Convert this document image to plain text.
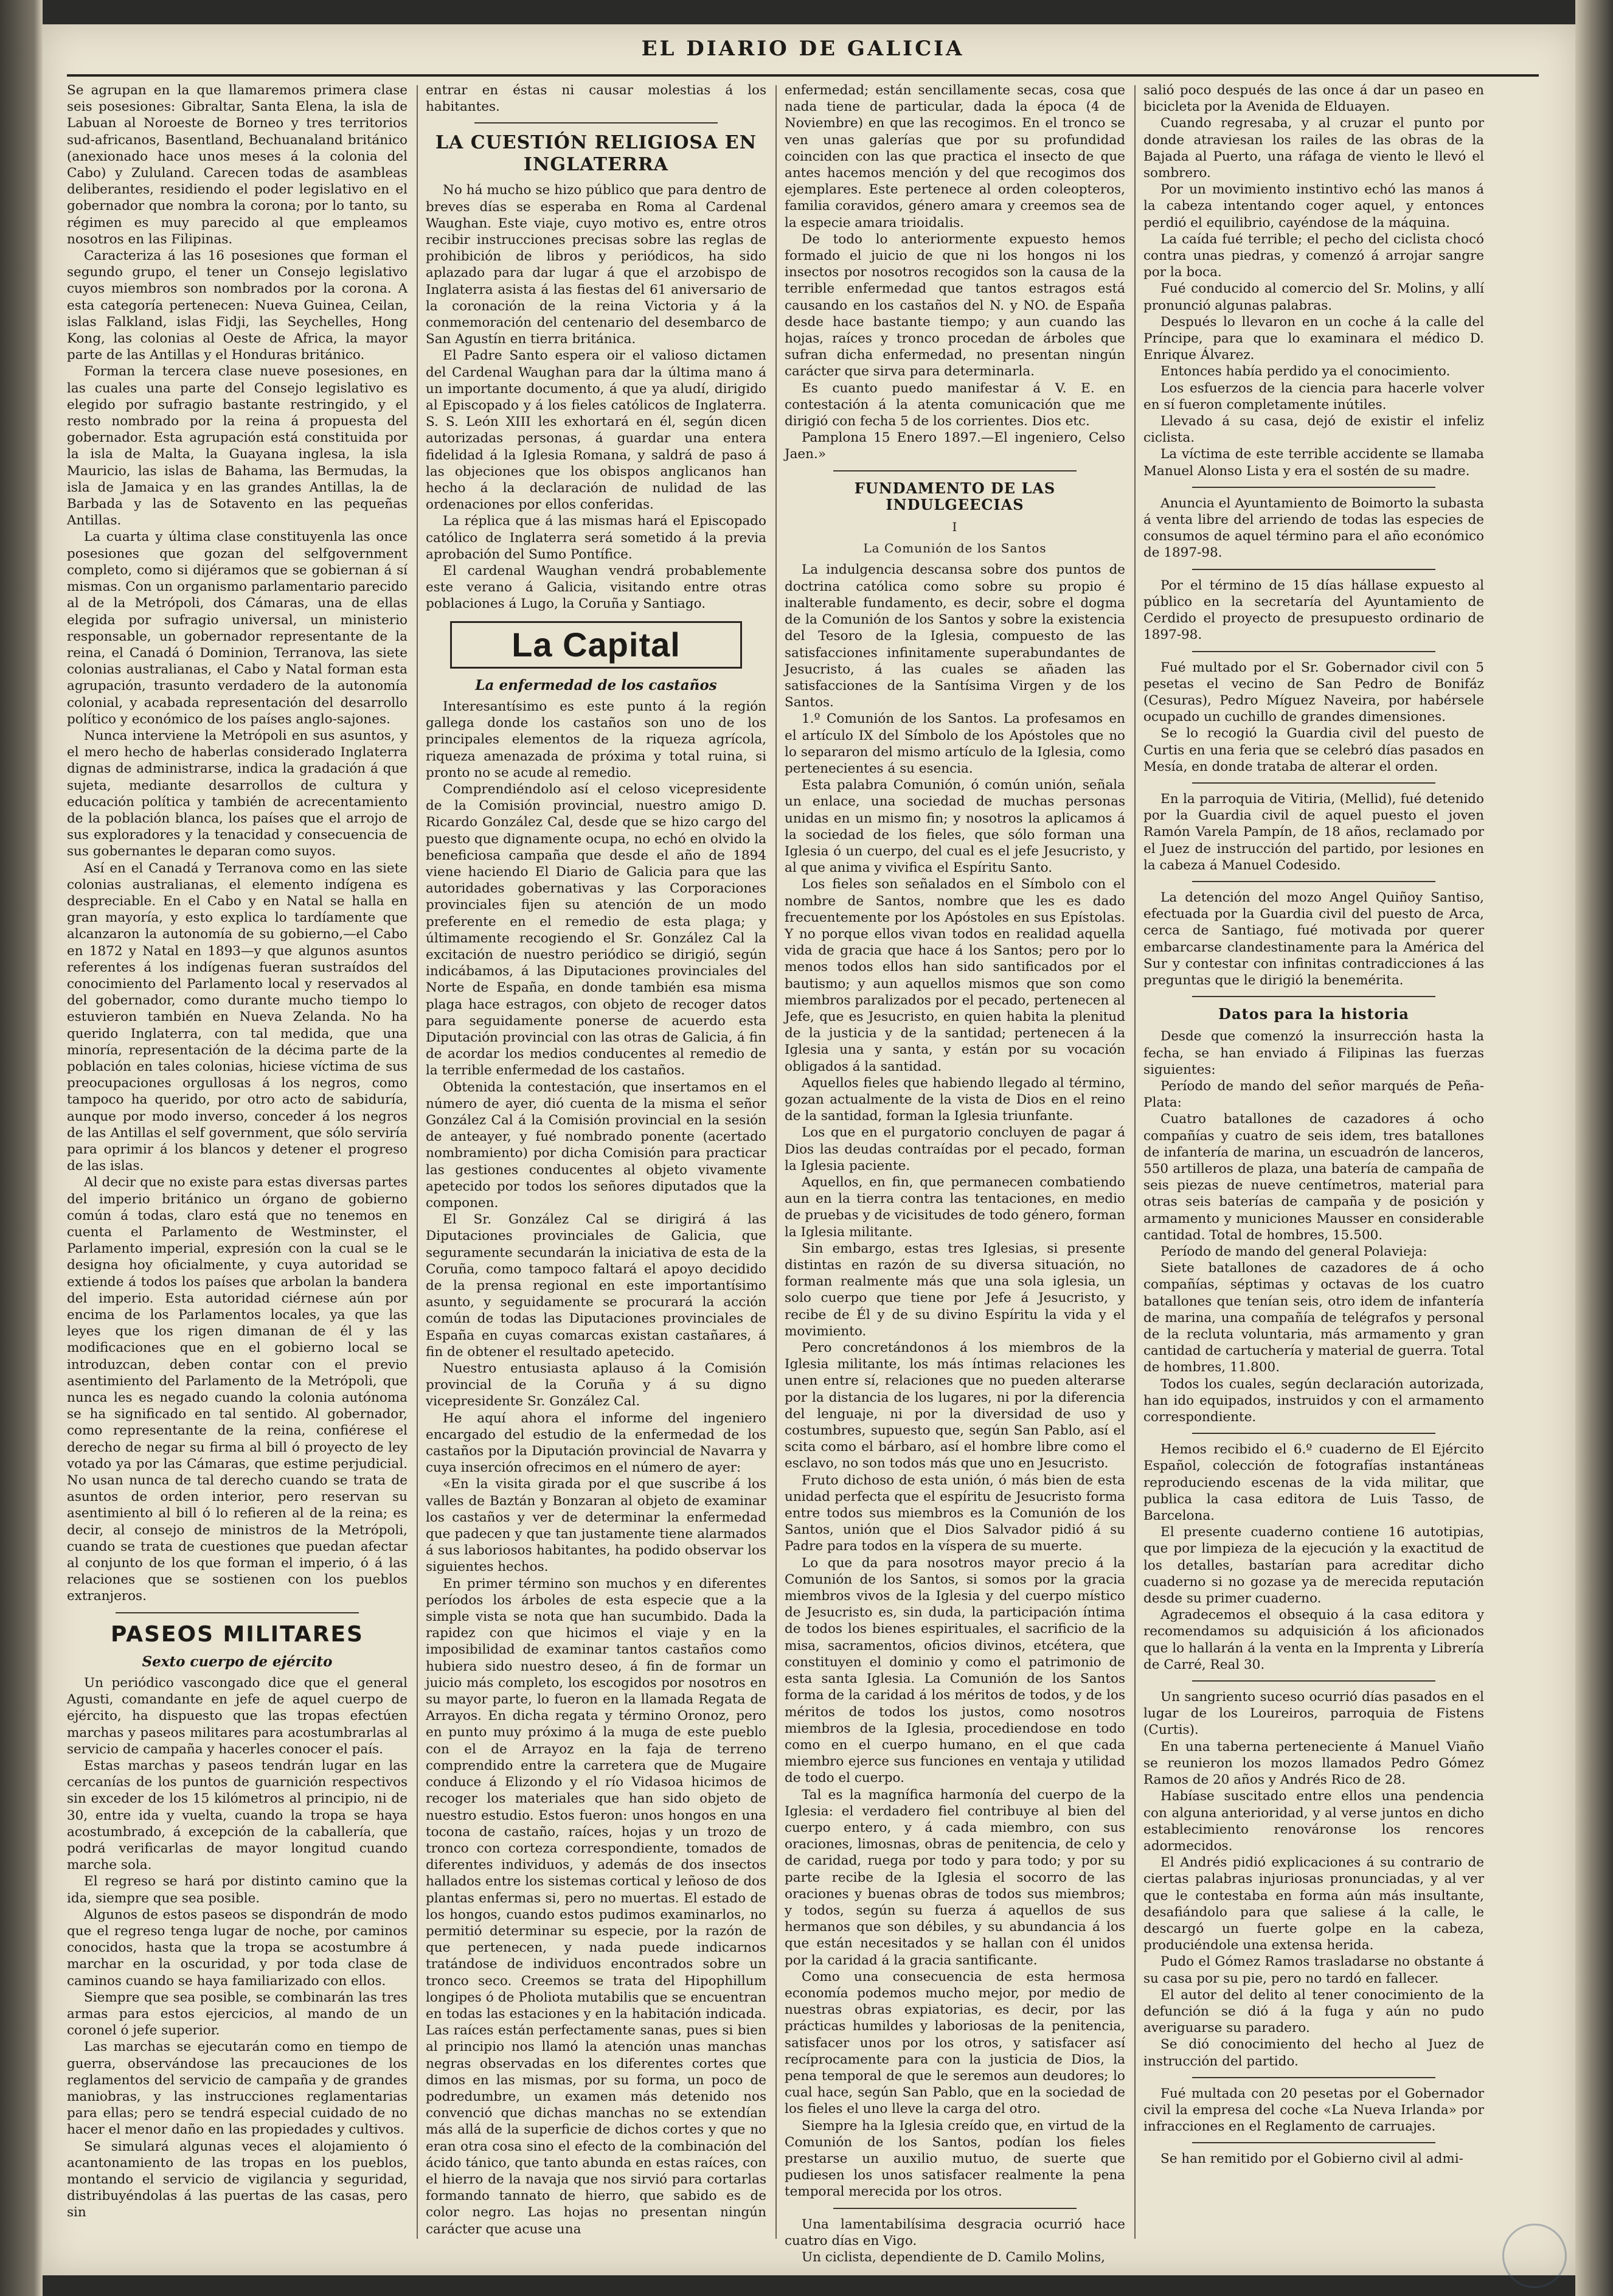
EL DIARIO DE GALICIA

Se agrupan en la que llamaremos primera clase seis posesiones: Gibraltar, Santa Elena, la isla de Labuan al Noroeste de Borneo y tres territorios sud-africanos, Basentland, Bechuanaland británico (anexionado hace unos meses á la colonia del Cabo) y Zululand. Carecen todas de asambleas deliberantes, residiendo el poder legislativo en el gobernador que nombra la corona; por lo tanto, su régimen es muy parecido al que empleamos nosotros en las Filipinas.

Caracteriza á las 16 posesiones que forman el segundo grupo, el tener un Consejo legislativo cuyos miembros son nombrados por la corona. A esta categoría pertenecen: Nueva Guinea, Ceilan, islas Falkland, islas Fidji, las Seychelles, Hong Kong, las colonias al Oeste de Africa, la mayor parte de las Antillas y el Honduras británico.

Forman la tercera clase nueve posesiones, en las cuales una parte del Consejo legislativo es elegido por sufragio bastante restringido, y el resto nombrado por la reina á propuesta del gobernador. Esta agrupación está constituida por la isla de Malta, la Guayana inglesa, la isla Mauricio, las islas de Bahama, las Bermudas, la isla de Jamaica y en las grandes Antillas, la de Barbada y las de Sotavento en las pequeñas Antillas.

La cuarta y última clase constituyenla las once posesiones que gozan del selfgovernment completo, como si dijéramos que se gobiernan á sí mismas. Con un organismo parlamentario parecido al de la Metrópoli, dos Cámaras, una de ellas elegida por sufragio universal, un ministerio responsable, un gobernador representante de la reina, el Canadá ó Dominion, Terranova, las siete colonias australianas, el Cabo y Natal forman esta agrupación, trasunto verdadero de la autonomía colonial, y acabada representación del desarrollo político y económico de los países anglo-sajones.

Nunca interviene la Metrópoli en sus asuntos, y el mero hecho de haberlas considerado Inglaterra dignas de administrarse, indica la gradación á que sujeta, mediante desarrollos de cultura y educación política y también de acrecentamiento de la población blanca, los países que el arrojo de sus exploradores y la tenacidad y consecuencia de sus gobernantes le deparan como suyos.

Así en el Canadá y Terranova como en las siete colonias australianas, el elemento indígena es despreciable. En el Cabo y en Natal se halla en gran mayoría, y esto explica lo tardíamente que alcanzaron la autonomía de su gobierno,—el Cabo en 1872 y Natal en 1893—y que algunos asuntos referentes á los indígenas fueran sustraídos del conocimiento del Parlamento local y reservados al del gobernador, como durante mucho tiempo lo estuvieron también en Nueva Zelanda. No ha querido Inglaterra, con tal medida, que una minoría, representación de la décima parte de la población en tales colonias, hiciese víctima de sus preocupaciones orgullosas á los negros, como tampoco ha querido, por otro acto de sabiduría, aunque por modo inverso, conceder á los negros de las Antillas el self government, que sólo serviría para oprimir á los blancos y detener el progreso de las islas.

Al decir que no existe para estas diversas partes del imperio británico un órgano de gobierno común á todas, claro está que no tenemos en cuenta el Parlamento de Westminster, el Parlamento imperial, expresión con la cual se le designa hoy oficialmente, y cuya autoridad se extiende á todos los países que arbolan la bandera del imperio. Esta autoridad ciérnese aún por encima de los Parlamentos locales, ya que las leyes que los rigen dimanan de él y las modificaciones que en el gobierno local se introduzcan, deben contar con el previo asentimiento del Parlamento de la Metrópoli, que nunca les es negado cuando la colonia autónoma se ha significado en tal sentido. Al gobernador, como representante de la reina, confiérese el derecho de negar su firma al bill ó proyecto de ley votado ya por las Cámaras, que estime perjudicial. No usan nunca de tal derecho cuando se trata de asuntos de orden interior, pero reservan su asentimiento al bill ó lo refieren al de la reina; es decir, al consejo de ministros de la Metrópoli, cuando se trata de cuestiones que puedan afectar al conjunto de los que forman el imperio, ó á las relaciones que se sostienen con los pueblos extranjeros.

PASEOS MILITARES
Sexto cuerpo de ejército

Un periódico vascongado dice que el general Agusti, comandante en jefe de aquel cuerpo de ejército, ha dispuesto que las tropas efectúen marchas y paseos militares para acostumbrarlas al servicio de campaña y hacerles conocer el país.

Estas marchas y paseos tendrán lugar en las cercanías de los puntos de guarnición respectivos sin exceder de los 15 kilómetros al principio, ni de 30, entre ida y vuelta, cuando la tropa se haya acostumbrado, á excepción de la caballería, que podrá verificarlas de mayor longitud cuando marche sola.

El regreso se hará por distinto camino que la ida, siempre que sea posible.

Algunos de estos paseos se dispondrán de modo que el regreso tenga lugar de noche, por caminos conocidos, hasta que la tropa se acostumbre á marchar en la oscuridad, y por toda clase de caminos cuando se haya familiarizado con ellos.

Siempre que sea posible, se combinarán las tres armas para estos ejercicios, al mando de un coronel ó jefe superior.

Las marchas se ejecutarán como en tiempo de guerra, observándose las precauciones de los reglamentos del servicio de campaña y de grandes maniobras, y las instrucciones reglamentarias para ellas; pero se tendrá especial cuidado de no hacer el menor daño en las propiedades y cultivos.

Se simulará algunas veces el alojamiento ó acantonamiento de las tropas en los pueblos, montando el servicio de vigilancia y seguridad, distribuyéndolas á las puertas de las casas, pero sin

entrar en éstas ni causar molestias á los habitantes.

LA CUESTIÓN RELIGIOSA EN INGLATERRA

No há mucho se hizo público que para dentro de breves días se esperaba en Roma al Cardenal Waughan. Este viaje, cuyo motivo es, entre otros recibir instrucciones precisas sobre las reglas de prohibición de libros y periódicos, ha sido aplazado para dar lugar á que el arzobispo de Inglaterra asista á las fiestas del 61 aniversario de la coronación de la reina Victoria y á la conmemoración del centenario del desembarco de San Agustín en tierra británica.

El Padre Santo espera oir el valioso dictamen del Cardenal Waughan para dar la última mano á un importante documento, á que ya aludí, dirigido al Episcopado y á los fieles católicos de Inglaterra. S. S. León XIII les exhortará en él, según dicen autorizadas personas, á guardar una entera fidelidad á la Iglesia Romana, y saldrá de paso á las objeciones que los obispos anglicanos han hecho á la declaración de nulidad de las ordenaciones por ellos conferidas.

La réplica que á las mismas hará el Episcopado católico de Inglaterra será sometido á la previa aprobación del Sumo Pontífice.

El cardenal Waughan vendrá probablemente este verano á Galicia, visitando entre otras poblaciones á Lugo, la Coruña y Santiago.

La Capital
La enfermedad de los castaños

Interesantísimo es este punto á la región gallega donde los castaños son uno de los principales elementos de la riqueza agrícola, riqueza amenazada de próxima y total ruina, si pronto no se acude al remedio.

Comprendiéndolo así el celoso vicepresidente de la Comisión provincial, nuestro amigo D. Ricardo González Cal, desde que se hizo cargo del puesto que dignamente ocupa, no echó en olvido la beneficiosa campaña que desde el año de 1894 viene haciendo El Diario de Galicia para que las autoridades gobernativas y las Corporaciones provinciales fijen su atención de un modo preferente en el remedio de esta plaga; y últimamente recogiendo el Sr. González Cal la excitación de nuestro periódico se dirigió, según indicábamos, á las Diputaciones provinciales del Norte de España, en donde también esa misma plaga hace estragos, con objeto de recoger datos para seguidamente ponerse de acuerdo esta Diputación provincial con las otras de Galicia, á fin de acordar los medios conducentes al remedio de la terrible enfermedad de los castaños.

Obtenida la contestación, que insertamos en el número de ayer, dió cuenta de la misma el señor González Cal á la Comisión provincial en la sesión de anteayer, y fué nombrado ponente (acertado nombramiento) por dicha Comisión para practicar las gestiones conducentes al objeto vivamente apetecido por todos los señores diputados que la componen.

El Sr. González Cal se dirigirá á las Diputaciones provinciales de Galicia, que seguramente secundarán la iniciativa de esta de la Coruña, como tampoco faltará el apoyo decidido de la prensa regional en este importantísimo asunto, y seguidamente se procurará la acción común de todas las Diputaciones provinciales de España en cuyas comarcas existan castañares, á fin de obtener el resultado apetecido.

Nuestro entusiasta aplauso á la Comisión provincial de la Coruña y á su digno vicepresidente Sr. González Cal.

He aquí ahora el informe del ingeniero encargado del estudio de la enfermedad de los castaños por la Diputación provincial de Navarra y cuya inserción ofrecimos en el número de ayer:

«En la visita girada por el que suscribe á los valles de Baztán y Bonzaran al objeto de examinar los castaños y ver de determinar la enfermedad que padecen y que tan justamente tiene alarmados á sus laboriosos habitantes, ha podido observar los siguientes hechos.

En primer término son muchos y en diferentes períodos los árboles de esta especie que a la simple vista se nota que han sucumbido. Dada la rapidez con que hicimos el viaje y en la imposibilidad de examinar tantos castaños como hubiera sido nuestro deseo, á fin de formar un juicio más completo, los escogidos por nosotros en su mayor parte, lo fueron en la llamada Regata de Arrayos. En dicha regata y término Oronoz, pero en punto muy próximo á la muga de este pueblo con el de Arrayoz en la faja de terreno comprendido entre la carretera que de Mugaire conduce á Elizondo y el río Vidasoa hicimos de recoger los materiales que han sido objeto de nuestro estudio. Estos fueron: unos hongos en una tocona de castaño, raíces, hojas y un trozo de tronco con corteza correspondiente, tomados de diferentes individuos, y además de dos insectos hallados entre los sistemas cortical y leñoso de dos plantas enfermas si, pero no muertas. El estado de los hongos, cuando estos pudimos examinarlos, no permitió determinar su especie, por la razón de que pertenecen, y nada puede indicarnos tratándose de individuos encontrados sobre un tronco seco. Creemos se trata del Hipophillum longipes ó de Pholiota mutabilis que se encuentran en todas las estaciones y en la habitación indicada. Las raíces están perfectamente sanas, pues si bien al principio nos llamó la atención unas manchas negras observadas en los diferentes cortes que dimos en las mismas, por su forma, un poco de podredumbre, un examen más detenido nos convenció que dichas manchas no se extendían más allá de la superficie de dichos cortes y que no eran otra cosa sino el efecto de la combinación del ácido tánico, que tanto abunda en estas raíces, con el hierro de la navaja que nos sirvió para cortarlas formando tannato de hierro, que sabido es de color negro. Las hojas no presentan ningún carácter que acuse una

enfermedad; están sencillamente secas, cosa que nada tiene de particular, dada la época (4 de Noviembre) en que las recogimos. En el tronco se ven unas galerías que por su profundidad coinciden con las que practica el insecto de que antes hacemos mención y del que recogimos dos ejemplares. Este pertenece al orden coleopteros, familia coravidos, género amara y creemos sea de la especie amara trioidalis.

De todo lo anteriormente expuesto hemos formado el juicio de que ni los hongos ni los insectos por nosotros recogidos son la causa de la terrible enfermedad que tantos estragos está causando en los castaños del N. y NO. de España desde hace bastante tiempo; y aun cuando las hojas, raíces y tronco procedan de árboles que sufran dicha enfermedad, no presentan ningún carácter que sirva para determinarla.

Es cuanto puedo manifestar á V. E. en contestación á la atenta comunicación que me dirigió con fecha 5 de los corrientes. Dios etc.

Pamplona 15 Enero 1897.—El ingeniero, Celso Jaen.»

FUNDAMENTO DE LAS INDULGEECIAS
I
La Comunión de los Santos

La indulgencia descansa sobre dos puntos de doctrina católica como sobre su propio é inalterable fundamento, es decir, sobre el dogma de la Comunión de los Santos y sobre la existencia del Tesoro de la Iglesia, compuesto de las satisfacciones infinitamente superabundantes de Jesucristo, á las cuales se añaden las satisfacciones de la Santísima Virgen y de los Santos.

1.º Comunión de los Santos. La profesamos en el artículo IX del Símbolo de los Apóstoles que no lo separaron del mismo artículo de la Iglesia, como pertenecientes á su esencia.

Esta palabra Comunión, ó común unión, señala un enlace, una sociedad de muchas personas unidas en un mismo fin; y nosotros la aplicamos á la sociedad de los fieles, que sólo forman una Iglesia ó un cuerpo, del cual es el jefe Jesucristo, y al que anima y vivifica el Espíritu Santo.

Los fieles son señalados en el Símbolo con el nombre de Santos, nombre que les es dado frecuentemente por los Apóstoles en sus Epístolas. Y no porque ellos vivan todos en realidad aquella vida de gracia que hace á los Santos; pero por lo menos todos ellos han sido santificados por el bautismo; y aun aquellos mismos que son como miembros paralizados por el pecado, pertenecen al Jefe, que es Jesucristo, en quien habita la plenitud de la justicia y de la santidad; pertenecen á la Iglesia una y santa, y están por su vocación obligados á la santidad.

Aquellos fieles que habiendo llegado al término, gozan actualmente de la vista de Dios en el reino de la santidad, forman la Iglesia triunfante.

Los que en el purgatorio concluyen de pagar á Dios las deudas contraídas por el pecado, forman la Iglesia paciente.

Aquellos, en fin, que permanecen combatiendo aun en la tierra contra las tentaciones, en medio de pruebas y de vicisitudes de todo género, forman la Iglesia militante.

Sin embargo, estas tres Iglesias, si presente distintas en razón de su diversa situación, no forman realmente más que una sola iglesia, un solo cuerpo que tiene por Jefe á Jesucristo, y recibe de Él y de su divino Espíritu la vida y el movimiento.

Pero concretándonos á los miembros de la Iglesia militante, los más íntimas relaciones les unen entre sí, relaciones que no pueden alterarse por la distancia de los lugares, ni por la diferencia del lenguaje, ni por la diversidad de uso y costumbres, supuesto que, según San Pablo, así el scita como el bárbaro, así el hombre libre como el esclavo, no son todos más que uno en Jesucristo.

Fruto dichoso de esta unión, ó más bien de esta unidad perfecta que el espíritu de Jesucristo forma entre todos sus miembros es la Comunión de los Santos, unión que el Dios Salvador pidió á su Padre para todos en la víspera de su muerte.

Lo que da para nosotros mayor precio á la Comunión de los Santos, si somos por la gracia miembros vivos de la Iglesia y del cuerpo místico de Jesucristo es, sin duda, la participación íntima de todos los bienes espirituales, el sacrificio de la misa, sacramentos, oficios divinos, etcétera, que constituyen el dominio y como el patrimonio de esta santa Iglesia. La Comunión de los Santos forma de la caridad á los méritos de todos, y de los méritos de todos los justos, como nosotros miembros de la Iglesia, procediendose en todo como en el cuerpo humano, en el que cada miembro ejerce sus funciones en ventaja y utilidad de todo el cuerpo.

Tal es la magnífica harmonía del cuerpo de la Iglesia: el verdadero fiel contribuye al bien del cuerpo entero, y á cada miembro, con sus oraciones, limosnas, obras de penitencia, de celo y de caridad, ruega por todo y para todo; y por su parte recibe de la Iglesia el socorro de las oraciones y buenas obras de todos sus miembros; y todos, según su fuerza á aquellos de sus hermanos que son débiles, y su abundancia á los que están necesitados y se hallan con él unidos por la caridad á la gracia santificante.

Como una consecuencia de esta hermosa economía podemos mucho mejor, por medio de nuestras obras expiatorias, es decir, por las prácticas humildes y laboriosas de la penitencia, satisfacer unos por los otros, y satisfacer así recíprocamente para con la justicia de Dios, la pena temporal de que le seremos aun deudores; lo cual hace, según San Pablo, que en la sociedad de los fieles el uno lleve la carga del otro.

Siempre ha la Iglesia creído que, en virtud de la Comunión de los Santos, podían los fieles prestarse un auxilio mutuo, de suerte que pudiesen los unos satisfacer realmente la pena temporal merecida por los otros.

Una lamentabilísima desgracia ocurrió hace cuatro días en Vigo.

Un ciclista, dependiente de D. Camilo Molins,

salió poco después de las once á dar un paseo en bicicleta por la Avenida de Elduayen.

Cuando regresaba, y al cruzar el punto por donde atraviesan los railes de las obras de la Bajada al Puerto, una ráfaga de viento le llevó el sombrero.

Por un movimiento instintivo echó las manos á la cabeza intentando coger aquel, y entonces perdió el equilibrio, cayéndose de la máquina.

La caída fué terrible; el pecho del ciclista chocó contra unas piedras, y comenzó á arrojar sangre por la boca.

Fué conducido al comercio del Sr. Molins, y allí pronunció algunas palabras.

Después lo llevaron en un coche á la calle del Príncipe, para que lo examinara el médico D. Enrique Álvarez.

Entonces había perdido ya el conocimiento.

Los esfuerzos de la ciencia para hacerle volver en sí fueron completamente inútiles.

Llevado á su casa, dejó de existir el infeliz ciclista.

La víctima de este terrible accidente se llamaba Manuel Alonso Lista y era el sostén de su madre.

Anuncia el Ayuntamiento de Boimorto la subasta á venta libre del arriendo de todas las especies de consumos de aquel término para el año económico de 1897-98.

Por el término de 15 días hállase expuesto al público en la secretaría del Ayuntamiento de Cerdido el proyecto de presupuesto ordinario de 1897-98.

Fué multado por el Sr. Gobernador civil con 5 pesetas el vecino de San Pedro de Bonifáz (Cesuras), Pedro Míguez Naveira, por habérsele ocupado un cuchillo de grandes dimensiones.

Se lo recogió la Guardia civil del puesto de Curtis en una feria que se celebró días pasados en Mesía, en donde trataba de alterar el orden.

En la parroquia de Vitiria, (Mellid), fué detenido por la Guardia civil de aquel puesto el joven Ramón Varela Pampín, de 18 años, reclamado por el Juez de instrucción del partido, por lesiones en la cabeza á Manuel Codesido.

La detención del mozo Angel Quiñoy Santiso, efectuada por la Guardia civil del puesto de Arca, cerca de Santiago, fué motivada por querer embarcarse clandestinamente para la América del Sur y contestar con infinitas contradicciones á las preguntas que le dirigió la benemérita.

Datos para la historia

Desde que comenzó la insurrección hasta la fecha, se han enviado á Filipinas las fuerzas siguientes:

Período de mando del señor marqués de Peña-Plata:

Cuatro batallones de cazadores á ocho compañías y cuatro de seis idem, tres batallones de infantería de marina, un escuadrón de lanceros, 550 artilleros de plaza, una batería de campaña de seis piezas de nueve centímetros, material para otras seis baterías de campaña y de posición y armamento y municiones Mausser en considerable cantidad. Total de hombres, 15.500.

Período de mando del general Polavieja:

Siete batallones de cazadores de á ocho compañías, séptimas y octavas de los cuatro batallones que tenían seis, otro idem de infantería de marina, una compañía de telégrafos y personal de la recluta voluntaria, más armamento y gran cantidad de cartuchería y material de guerra. Total de hombres, 11.800.

Todos los cuales, según declaración autorizada, han ido equipados, instruidos y con el armamento correspondiente.

Hemos recibido el 6.º cuaderno de El Ejército Español, colección de fotografías instantáneas reproduciendo escenas de la vida militar, que publica la casa editora de Luis Tasso, de Barcelona.

El presente cuaderno contiene 16 autotipias, que por limpieza de la ejecución y la exactitud de los detalles, bastarían para acreditar dicho cuaderno si no gozase ya de merecida reputación desde su primer cuaderno.

Agradecemos el obsequio á la casa editora y recomendamos su adquisición á los aficionados que lo hallarán á la venta en la Imprenta y Librería de Carré, Real 30.

Un sangriento suceso ocurrió días pasados en el lugar de los Loureiros, parroquia de Fistens (Curtis).

En una taberna perteneciente á Manuel Viaño se reunieron los mozos llamados Pedro Gómez Ramos de 20 años y Andrés Rico de 28.

Habíase suscitado entre ellos una pendencia con alguna anterioridad, y al verse juntos en dicho establecimiento renováronse los rencores adormecidos.

El Andrés pidió explicaciones á su contrario de ciertas palabras injuriosas pronunciadas, y al ver que le contestaba en forma aún más insultante, desafiándolo para que saliese á la calle, le descargó un fuerte golpe en la cabeza, produciéndole una extensa herida.

Pudo el Gómez Ramos trasladarse no obstante á su casa por su pie, pero no tardó en fallecer.

El autor del delito al tener conocimiento de la defunción se dió á la fuga y aún no pudo averiguarse su paradero.

Se dió conocimiento del hecho al Juez de instrucción del partido.

Fué multada con 20 pesetas por el Gobernador civil la empresa del coche «La Nueva Irlanda» por infracciones en el Reglamento de carruajes.

Se han remitido por el Gobierno civil al admi-
